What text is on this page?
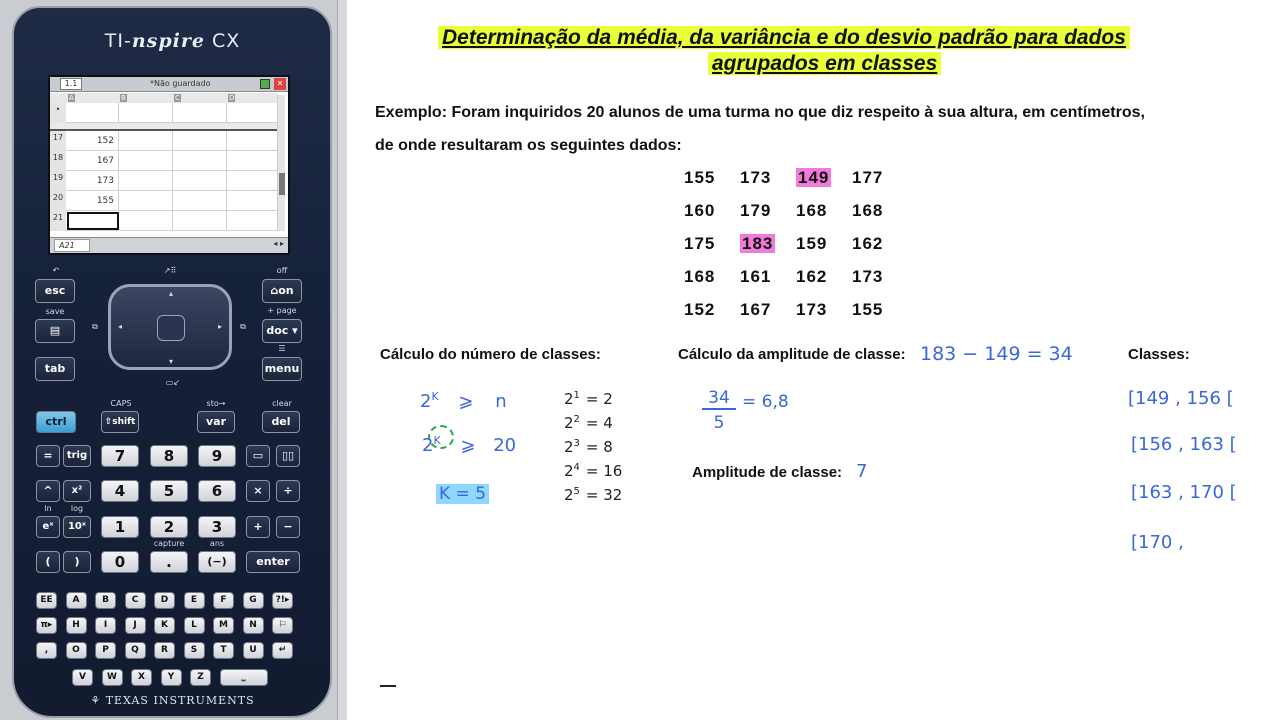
TI-nspire CX
1.1	*Não guardado	✕
A	B	C	D
•
17	152
18	167
19	173
20	155
21
A21	◂ ▸
↶
esc
save
▤
tab
⧉
↗⠿
▴
◂	▸
▾
▭↙
⧉
off
⌂on
+ page
doc ▾
☰
menu
CAPS	sto→	clear
ctrl	⇧shift	var	del
=	trig	7	8	9	▭	▯▯
^	x²	4	5	6	×	÷
ln	log
eˣ	10ˣ	1	2	3	+	−
capture	ans
(	)	0	.	(−)	enter
EE	A	B	C	D	E	F	G	?!▸
π▸	H	I	J	K	L	M	N	⚐
,	O	P	Q	R	S	T	U	↵
V	W	X	Y	Z	⎵
⚘ TEXAS INSTRUMENTS
Determinação da média, da variância e do desvio padrão para dados
agrupados em classes
Exemplo: Foram inquiridos 20 alunos de uma turma no que diz respeito à sua altura, em centímetros,
de onde resultaram os seguintes dados:
155	173	149	177
160	179	168	168
175	183	159	162
168	161	162	173
152	167	173	155
Cálculo do número de classes:	Cálculo da amplitude de classe: 183 − 149 = 34	Classes:
$2^K$ ⩾ n
$2^K$ ⩾ 20
K = 5
$2^1 = 2$
$2^2 = 4$
$2^3 = 8$
$2^4 = 16$
$2^5 = 32$
34
5
= 6,8
Amplitude de classe: 7
[149 , 156 [
[156 , 163 [
[163 , 170 [
[170 ,
